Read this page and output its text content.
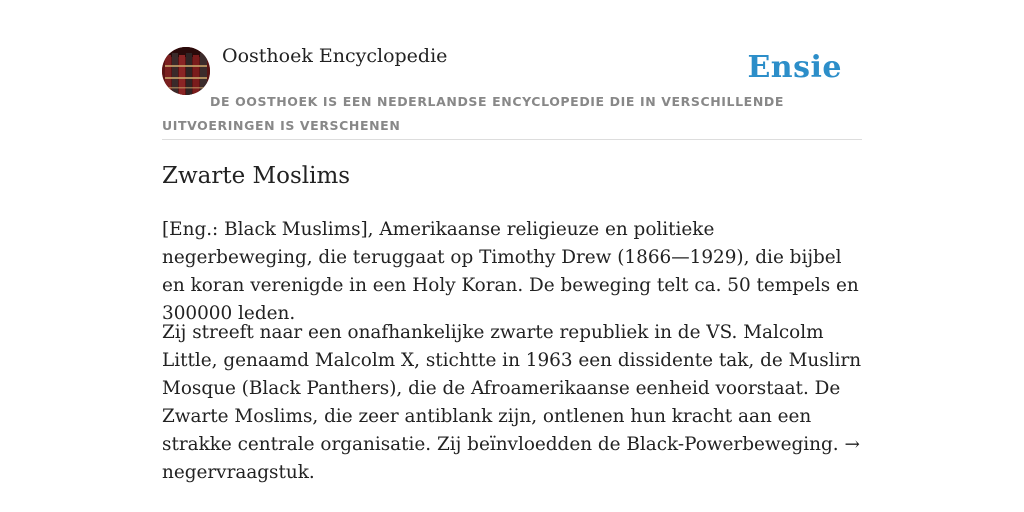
Oosthoek Encyclopedie	Ensie
DE OOSTHOEK IS EEN NEDERLANDSE ENCYCLOPEDIE DIE IN VERSCHILLENDE UITVOERINGEN IS VERSCHENEN
Zwarte Moslims

[Eng.: Black Muslims], Amerikaanse religieuze en politieke negerbeweging, die teruggaat op Timothy Drew (1866—1929), die bijbel en koran verenigde in een Holy Koran. De beweging telt ca. 50 tempels en 300000 leden.

Zij streeft naar een onafhankelijke zwarte republiek in de VS. Malcolm Little, genaamd Malcolm X, stichtte in 1963 een dissidente tak, de Muslirn Mosque (Black Panthers), die de Afroamerikaanse eenheid voorstaat. De Zwarte Moslims, die zeer antiblank zijn, ontlenen hun kracht aan een strakke centrale organisatie. Zij beïnvloedden de Black-Powerbeweging. → negervraagstuk.
